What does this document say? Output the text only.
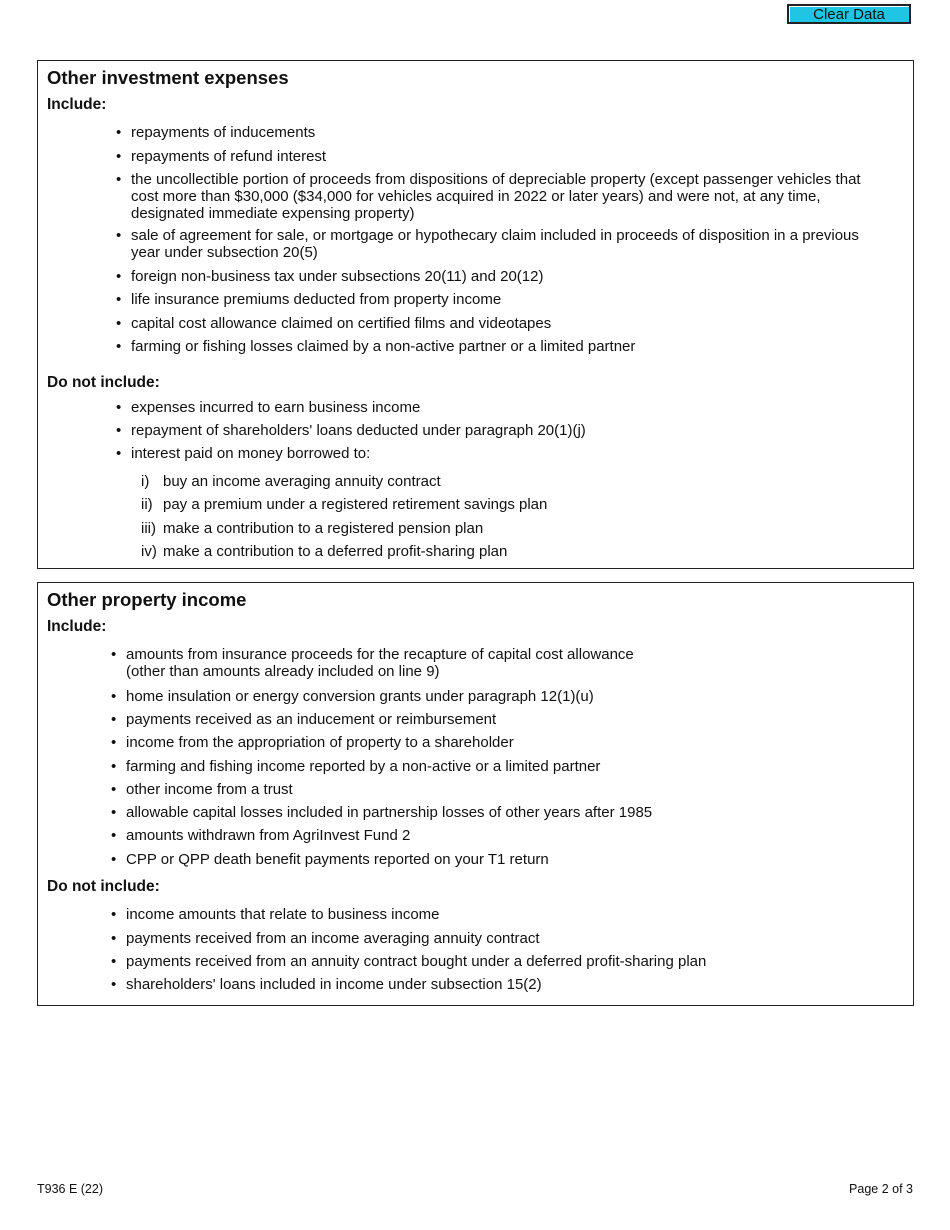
Clear Data
Other investment expenses
Include:
• repayments of inducements
• repayments of refund interest
• the uncollectible portion of proceeds from dispositions of depreciable property (except passenger vehicles that
cost more than $30,000 ($34,000 for vehicles acquired in 2022 or later years) and were not, at any time,
designated immediate expensing property)
• sale of agreement for sale, or mortgage or hypothecary claim included in proceeds of disposition in a previous
year under subsection 20(5)
• foreign non-business tax under subsections 20(11) and 20(12)
• life insurance premiums deducted from property income
• capital cost allowance claimed on certified films and videotapes
• farming or fishing losses claimed by a non-active partner or a limited partner
Do not include:
• expenses incurred to earn business income
• repayment of shareholders' loans deducted under paragraph 20(1)(j)
• interest paid on money borrowed to:
i) buy an income averaging annuity contract
ii) pay a premium under a registered retirement savings plan
iii) make a contribution to a registered pension plan
iv) make a contribution to a deferred profit-sharing plan
Other property income
Include:
• amounts from insurance proceeds for the recapture of capital cost allowance
(other than amounts already included on line 9)
• home insulation or energy conversion grants under paragraph 12(1)(u)
• payments received as an inducement or reimbursement
• income from the appropriation of property to a shareholder
• farming and fishing income reported by a non-active or a limited partner
• other income from a trust
• allowable capital losses included in partnership losses of other years after 1985
• amounts withdrawn from AgriInvest Fund 2
• CPP or QPP death benefit payments reported on your T1 return
Do not include:
• income amounts that relate to business income
• payments received from an income averaging annuity contract
• payments received from an annuity contract bought under a deferred profit-sharing plan
• shareholders' loans included in income under subsection 15(2)
T936 E (22)	Page 2 of 3
